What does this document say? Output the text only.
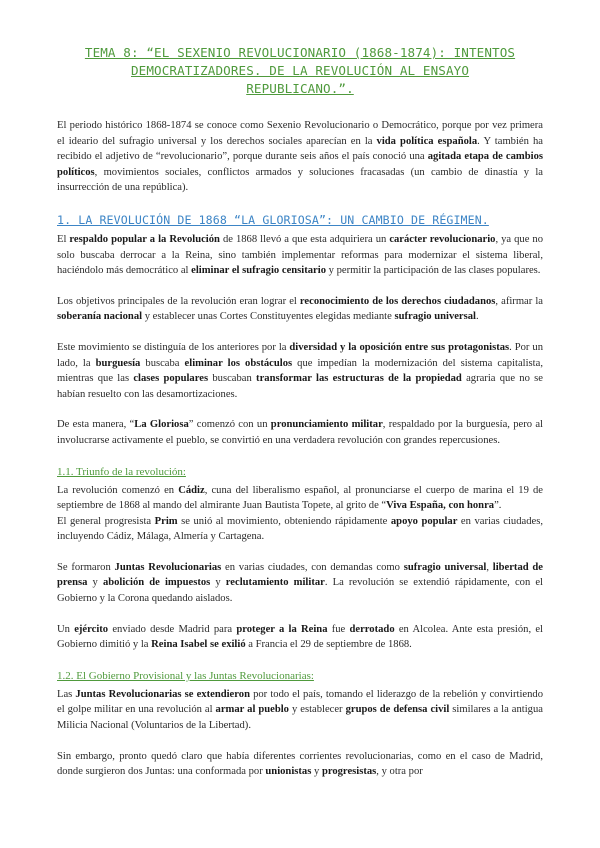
TEMA 8: “EL SEXENIO REVOLUCIONARIO (1868-1874): INTENTOS
DEMOCRATIZADORES. DE LA REVOLUCIÓN AL ENSAYO
REPUBLICANO.”.

El periodo histórico 1868-1874 se conoce como Sexenio Revolucionario o Democrático, porque por vez primera el ideario del sufragio universal y los derechos sociales aparecían en la vida política española. Y también ha recibido el adjetivo de “revolucionario”, porque durante seis años el país conoció una agitada etapa de cambios políticos, movimientos sociales, conflictos armados y soluciones fracasadas (un cambio de dinastía y la insurrección de una república).

1. LA REVOLUCIÓN DE 1868 “LA GLORIOSA”: UN CAMBIO DE RÉGIMEN.

El respaldo popular a la Revolución de 1868 llevó a que esta adquiriera un carácter revolucionario, ya que no solo buscaba derrocar a la Reina, sino también implementar reformas para modernizar el sistema liberal, haciéndolo más democrático al eliminar el sufragio censitario y permitir la participación de las clases populares.

Los objetivos principales de la revolución eran lograr el reconocimiento de los derechos ciudadanos, afirmar la soberanía nacional y establecer unas Cortes Constituyentes elegidas mediante sufragio universal.

Este movimiento se distinguía de los anteriores por la diversidad y la oposición entre sus protagonistas. Por un lado, la burguesía buscaba eliminar los obstáculos que impedían la modernización del sistema capitalista, mientras que las clases populares buscaban transformar las estructuras de la propiedad agraria que no se habían resuelto con las desamortizaciones.

De esta manera, “La Gloriosa” comenzó con un pronunciamiento militar, respaldado por la burguesía, pero al involucrarse activamente el pueblo, se convirtió en una verdadera revolución con grandes repercusiones.

1.1. Triunfo de la revolución:

La revolución comenzó en Cádiz, cuna del liberalismo español, al pronunciarse el cuerpo de marina el 19 de septiembre de 1868 al mando del almirante Juan Bautista Topete, al grito de “Viva España, con honra”.

El general progresista Prim se unió al movimiento, obteniendo rápidamente apoyo popular en varias ciudades, incluyendo Cádiz, Málaga, Almería y Cartagena.

Se formaron Juntas Revolucionarias en varias ciudades, con demandas como sufragio universal, libertad de prensa y abolición de impuestos y reclutamiento militar. La revolución se extendió rápidamente, con el Gobierno y la Corona quedando aislados.

Un ejército enviado desde Madrid para proteger a la Reina fue derrotado en Alcolea. Ante esta presión, el Gobierno dimitió y la Reina Isabel se exilió a Francia el 29 de septiembre de 1868.

1.2. El Gobierno Provisional y las Juntas Revolucionarias:

Las Juntas Revolucionarias se extendieron por todo el país, tomando el liderazgo de la rebelión y convirtiendo el golpe militar en una revolución al armar al pueblo y establecer grupos de defensa civil similares a la antigua Milicia Nacional (Voluntarios de la Libertad).

Sin embargo, pronto quedó claro que había diferentes corrientes revolucionarias, como en el caso de Madrid, donde surgieron dos Juntas: una conformada por unionistas y progresistas, y otra por
